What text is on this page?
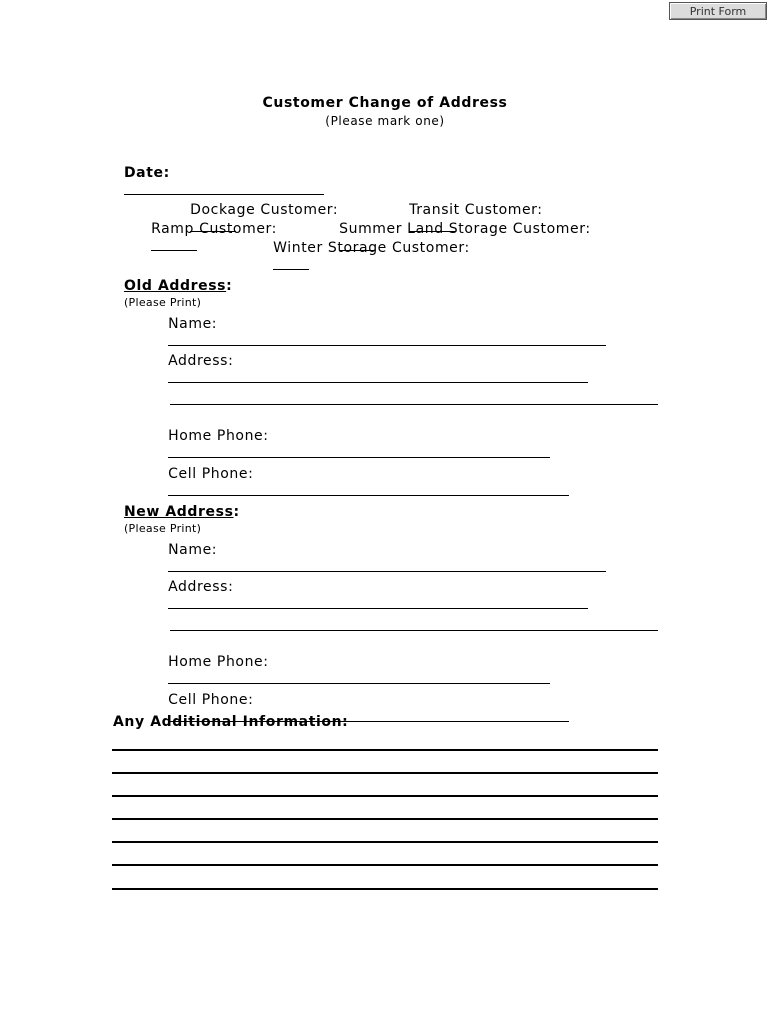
Print Form
Customer Change of Address
(Please mark one)

Date:

Dockage Customer:
	Transit Customer:

Ramp Customer:
	Summer Land Storage Customer:

Winter Storage Customer:

Old Address:
(Please Print)

Name:

Address:

Home Phone:

Cell Phone:

New Address:
(Please Print)

Name:

Address:

Home Phone:

Cell Phone:

Any Additional Information:
